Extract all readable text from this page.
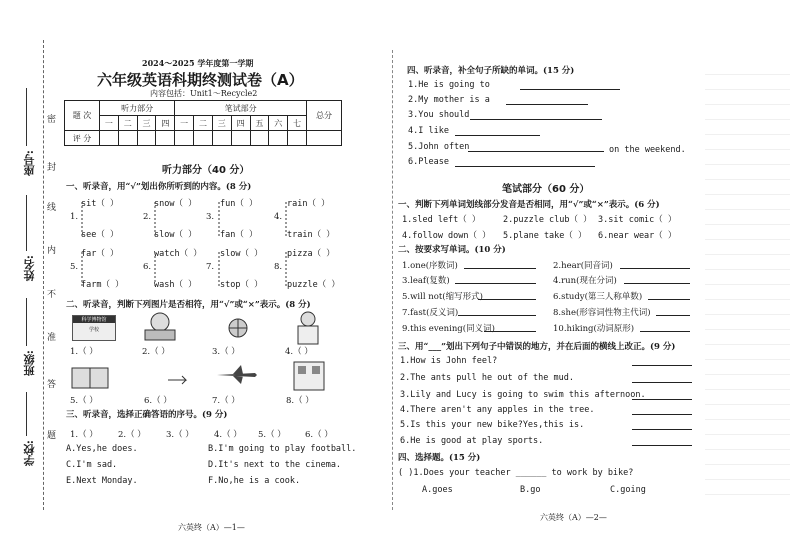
密
封
线
内
不
准
答
题
座号:
姓名:
班级:
学校:
2024～2025 学年度第一学期
六年级英语科期终测试卷（A）
内容包括：Unit1～Recycle2
题 次	听力部分				笔试部分							总分
	一	二	三	四	一	二	三	四	五	六	七	
评 分												
听力部分（40 分）
一、听录音，用“√”划出你所听到的内容。(8 分)
1.
sit（ ）
see（ ）
2.
snow（ ）
slow（ ）
3.
fun（ ）
fan（ ）
4.
rain（ ）
train（ ）
5.
far（ ）
farm（ ）
6.
watch（ ）
wash（ ）
7.
slow（ ）
stop（ ）
8.
pizza（ ）
puzzle（ ）
二、听录音，判断下列图片是否相符，用“√”或“×”表示。(8 分)
科学博物馆
学校
1.（ ）	2.（ ）	3.（ ）	4.（ ）
5.（ ）	6.（ ）	7.（ ）	8.（ ）
三、听录音，选择正确答语的序号。(9 分)
1.（ ） 2.（ ） 3.（ ） 4.（ ） 5.（ ） 6.（ ）
A.Yes,he does.	B.I'm going to play football.
C.I'm sad.	D.It's next to the cinema.
E.Next Monday.	F.No,he is a cook.
六英终（A）—1—
四、听录音，补全句子所缺的单词。(15 分)
1.He is going to
2.My mother is a
3.You should
4.I like
5.John often	on the weekend.
6.Please
笔试部分（60 分）
一、判断下列单词划线部分发音是否相同，用“√”或“×”表示。(6 分)
1.sled left（ ）	2.puzzle club（ ） 3.sit comic（ ）
4.follow down（ ） 5.plane take（ ） 6.near wear（ ）
二、按要求写单词。(10 分)
1.one(序数词)	2.hear(同音词)
3.leaf(复数)	4.run(现在分词)
5.will not(缩写形式)	6.study(第三人称单数)
7.fast(反义词)	8.she(形容词性物主代词)
9.this evening(同义词)	10.hiking(动词原形)
三、用“___”划出下列句子中错误的地方，并在后面的横线上改正。(9 分)
1.How is John feel?
2.The ants pull he out of the mud.
3.Lily and Lucy is going to swim this afternoon.
4.There aren't any apples in the tree.
5.Is this your new bike?Yes,this is.
6.He is good at play sports.
四、选择题。(15 分)
( )1.Does your teacher ______ to work by bike?
A.goes	B.go	C.going
六英终（A）—2—
